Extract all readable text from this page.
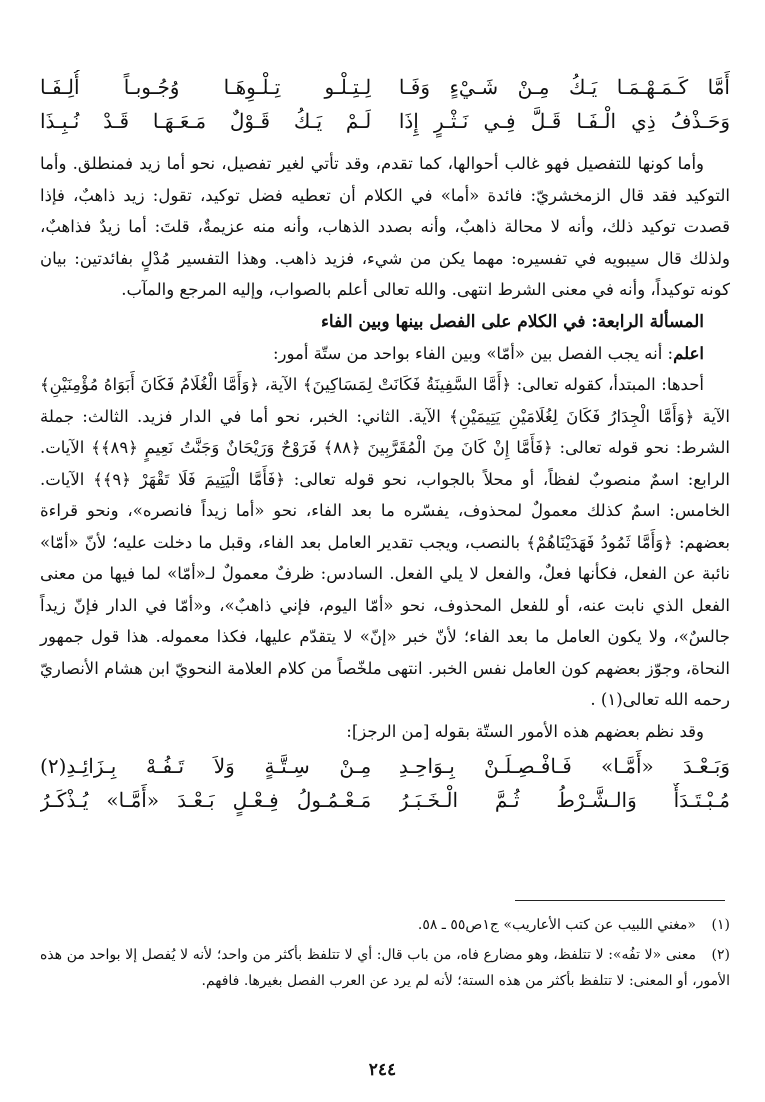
أَمَّا كَـمَـهْـمَـا يَـكُ مِـنْ شَـيْءٍ وَفَـا
لِـتِـلْـو تِـلْـوِهَـا وُجُـوبـاً أُلِـفَـا
وَحَـذْفُ ذِي الْـفَـا قَـلَّ فِـي نَـثْـرٍ إِذَا
لَـمْ يَـكُ قَـوْلٌ مَـعَـهَـا قَـدْ نُـبِـذَا

وأما كونها للتفصيل فهو غالب أحوالها، كما تقدم، وقد تأتي لغير تفصيل، نحو أما زيد فمنطلق. وأما التوكيد فقد قال الزمخشريّ: فائدة «أما» في الكلام أن تعطيه فضل توكيد، تقول: زيد ذاهبٌ، فإذا قصدت توكيد ذلك، وأنه لا محالة ذاهبٌ، وأنه بصدد الذهاب، وأنه منه عزيمةٌ، قلتَ: أما زيدٌ فذاهبٌ، ولذلك قال سيبويه في تفسيره: مهما يكن من شيء، فزيد ذاهب. وهذا التفسير مُدْلٍ بفائدتين: بيان كونه توكيداً، وأنه في معنى الشرط انتهى. والله تعالى أعلم بالصواب، وإليه المرجع والمآب.

المسألة الرابعة: في الكلام على الفصل بينها وبين الفاء

اعلم: أنه يجب الفصل بين «أمّا» وبين الفاء بواحد من ستّة أمور:

أحدها: المبتدأ، كقوله تعالى: ﴿أَمَّا السَّفِينَةُ فَكَانَتْ لِمَسَاكِينَ﴾ الآية، ﴿وَأَمَّا الْغُلَامُ فَكَانَ أَبَوَاهُ مُؤْمِنَيْنِ﴾ الآية ﴿وَأَمَّا الْجِدَارُ فَكَانَ لِغُلَامَيْنِ يَتِيمَيْنِ﴾ الآية. الثاني: الخبر، نحو أما في الدار فزيد. الثالث: جملة الشرط: نحو قوله تعالى: ﴿فَأَمَّا إِنْ كَانَ مِنَ الْمُقَرَّبِينَ ﴿٨٨﴾ فَرَوْحٌ وَرَيْحَانٌ وَجَنَّتُ نَعِيمٍ ﴿٨٩﴾﴾ الآيات. الرابع: اسمٌ منصوبٌ لفظاً، أو محلاً بالجواب، نحو قوله تعالى: ﴿فَأَمَّا الْيَتِيمَ فَلَا تَقْهَرْ ﴿٩﴾﴾ الآيات. الخامس: اسمٌ كذلك معمولٌ لمحذوف، يفسّره ما بعد الفاء، نحو «أما زيداً فانصره»، ونحو قراءة بعضهم: ﴿وَأَمَّا ثَمُودُ فَهَدَيْنَاهُمْ﴾ بالنصب، ويجب تقدير العامل بعد الفاء، وقبل ما دخلت عليه؛ لأنّ «أمّا» نائبة عن الفعل، فكأنها فعلٌ، والفعل لا يلي الفعل. السادس: ظرفٌ معمولٌ لـ«أمّا» لما فيها من معنى الفعل الذي نابت عنه، أو للفعل المحذوف، نحو «أمّا اليوم، فإني ذاهبٌ»، و«أمّا في الدار فإنّ زيداً جالسٌ»، ولا يكون العامل ما بعد الفاء؛ لأنّ خبر «إنّ» لا يتقدّم عليها، فكذا معموله. هذا قول جمهور النحاة، وجوّز بعضهم كون العامل نفس الخبر. انتهى ملخّصاً من كلام العلامة النحويّ ابن هشام الأنصاريّ رحمه الله تعالى(١) .

وقد نظم بعضهم هذه الأمور الستّة بقوله [من الرجز]:

وَبَـعْـدَ «أَمَّـا» فَـافْـصِـلَـنْ بِـوَاحِـدِ
مِـنْ سِـتَّـةٍ وَلاَ تَـفُـهْ بِـزَائِـدِ(٢)
مُـبْـتَـدَأٌ وَالـشَّـرْطُ ثُـمَّ الْـخَـبَـرُ
مَـعْـمُـولُ فِـعْـلٍ بَـعْـدَ «أَمَّـا» يُـذْكَـرُ

(١)«مغني اللبيب عن كتب الأعاريب» ج١ص٥٥ ـ ٥٨.

(٢)معنى «لا تفُه»: لا تتلفظ، وهو مضارع فاه، من باب قال: أي لا تتلفظ بأكثر من واحد؛ لأنه لا يُفصل إلا بواحد من هذه الأمور، أو المعنى: لا تتلفظ بأكثر من هذه الستة؛ لأنه لم يرد عن العرب الفصل بغيرها. فافهم.

٢٤٤
